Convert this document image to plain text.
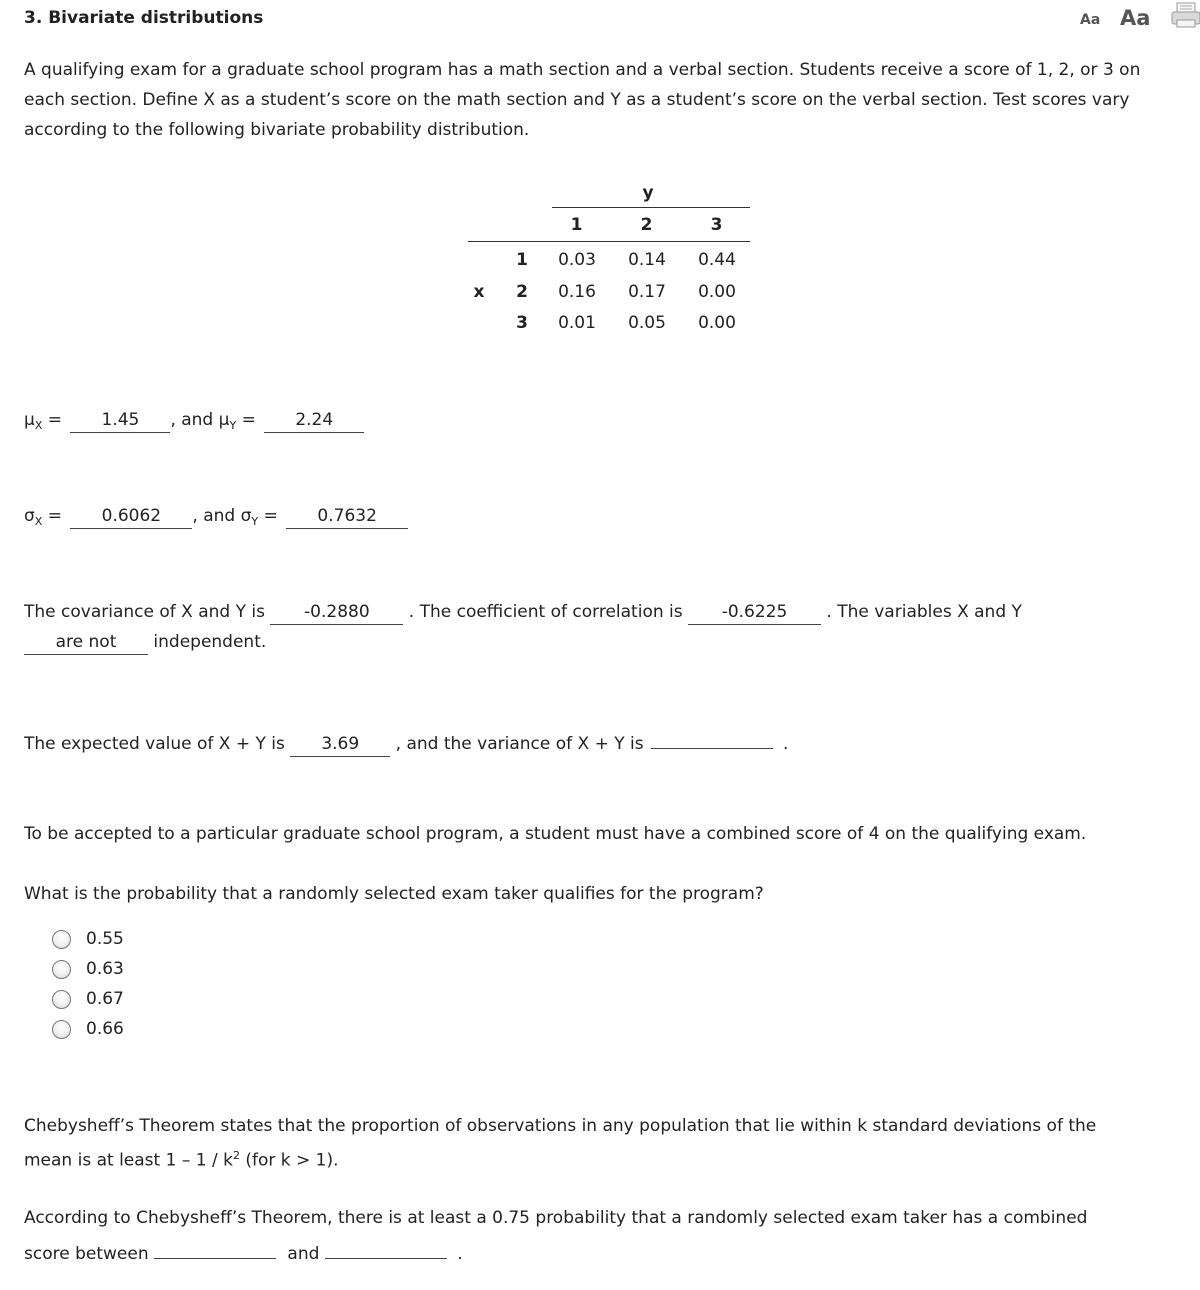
3. Bivariate distributions	Aa Aa
A qualifying exam for a graduate school program has a math section and a verbal section. Students receive a score of 1, 2, or 3 on each section. Define X as a student’s score on the math section and Y as a student’s score on the verbal section. Test scores vary according to the following bivariate probability distribution.
y
1	2	3
x
1	0.03	0.14	0.44
2	0.16	0.17	0.00
3	0.01	0.05	0.00
$\mu_X = 1.45$ , and $\mu_Y = 2.24$
$\sigma_X = 0.6062$ , and $\sigma_Y = 0.7632$
The covariance of X and Y is -0.2880 . The coefficient of correlation is -0.6225 . The variables X and Y
are not independent.
The expected value of X + Y is 3.69 , and the variance of X + Y is	.
To be accepted to a particular graduate school program, a student must have a combined score of 4 on the qualifying exam.
What is the probability that a randomly selected exam taker qualifies for the program?
0.55
0.63
0.67
0.66
Chebysheff’s Theorem states that the proportion of observations in any population that lie within k standard deviations of the
mean is at least $1 - 1 / k^2$ (for k > 1).
According to Chebysheff’s Theorem, there is at least a 0.75 probability that a randomly selected exam taker has a combined
score between	and	.
